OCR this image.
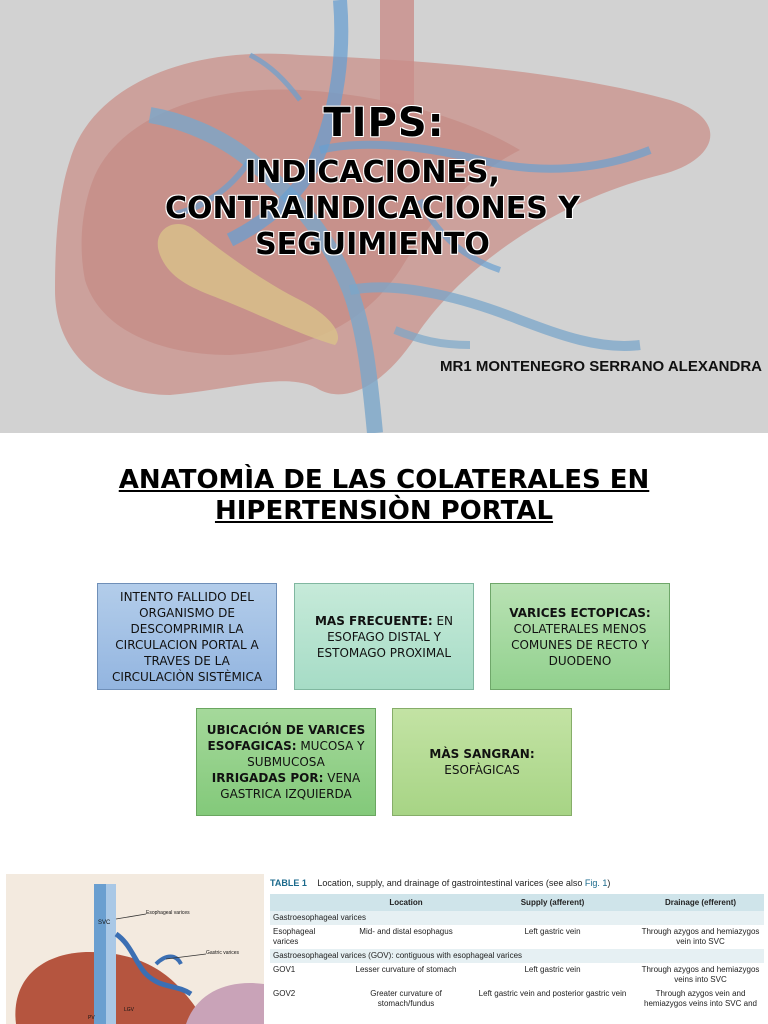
TIPS:
INDICACIONES, CONTRAINDICACIONES Y SEGUIMIENTO
MR1 MONTENEGRO SERRANO ALEXANDRA
ANATOMÌA DE LAS COLATERALES EN HIPERTENSIÒN PORTAL
INTENTO FALLIDO DEL ORGANISMO DE DESCOMPRIMIR LA CIRCULACION PORTAL A TRAVES DE LA CIRCULACIÒN SISTÈMICA
MAS FRECUENTE: EN ESOFAGO DISTAL Y ESTOMAGO PROXIMAL
VARICES ECTOPICAS:
COLATERALES MENOS COMUNES DE RECTO Y DUODENO
UBICACIÓN DE VARICES ESOFAGICAS: MUCOSA Y SUBMUCOSA
IRRIGADAS POR: VENA GASTRICA IZQUIERDA
MÀS SANGRAN:
ESOFÀGICAS
SVC
Esophageal varices
Gastric varices
LGV
PV
TABLE 1 Location, supply, and drainage of gastrointestinal varices (see also Fig. 1)
	Location	Supply (afferent)	Drainage (efferent)
Gastroesophageal varices			
Esophageal varices	Mid- and distal esophagus	Left gastric vein	Through azygos and hemiazygos vein into SVC
Gastroesophageal varices (GOV): contiguous with esophageal varices			
GOV1	Lesser curvature of stomach	Left gastric vein	Through azygos and hemiazygos veins into SVC
GOV2	Greater curvature of stomach/fundus	Left gastric vein and posterior gastric vein	Through azygos vein and hemiazygos veins into SVC and
